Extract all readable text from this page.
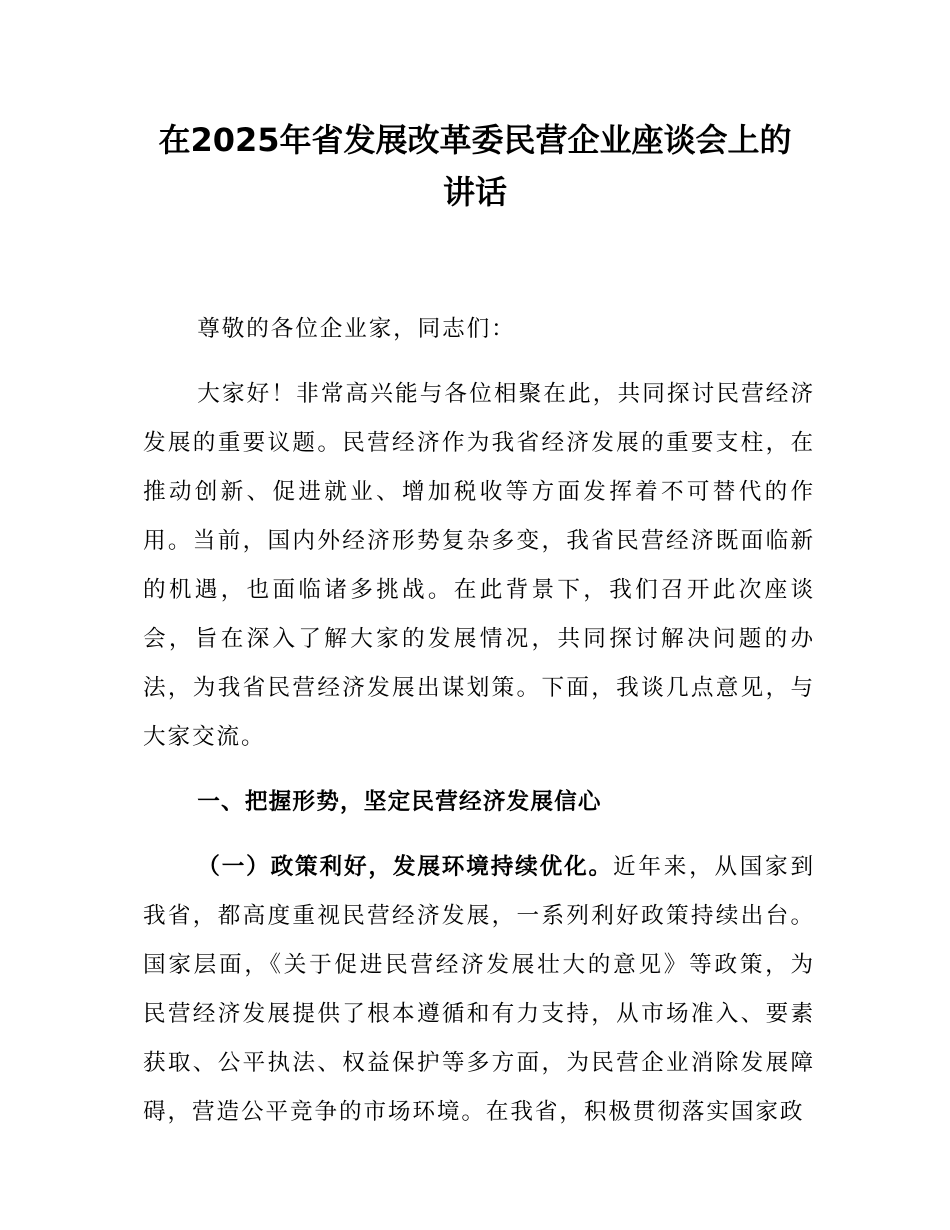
在2025年省发展改革委民营企业座谈会上的
讲话

尊敬的各位企业家，同志们：

大家好！非常高兴能与各位相聚在此，共同探讨民营经济发展的重要议题。民营经济作为我省经济发展的重要支柱，在推动创新、促进就业、增加税收等方面发挥着不可替代的作用。当前，国内外经济形势复杂多变，我省民营经济既面临新的机遇，也面临诸多挑战。在此背景下，我们召开此次座谈会，旨在深入了解大家的发展情况，共同探讨解决问题的办法，为我省民营经济发展出谋划策。下面，我谈几点意见，与大家交流。

一、把握形势，坚定民营经济发展信心

（一）政策利好，发展环境持续优化。近年来，从国家到我省，都高度重视民营经济发展，一系列利好政策持续出台。国家层面，《关于促进民营经济发展壮大的意见》等政策，为民营经济发展提供了根本遵循和有力支持，从市场准入、要素获取、公平执法、权益保护等多方面，为民营企业消除发展障碍，营造公平竞争的市场环境。在我省，积极贯彻落实国家政
